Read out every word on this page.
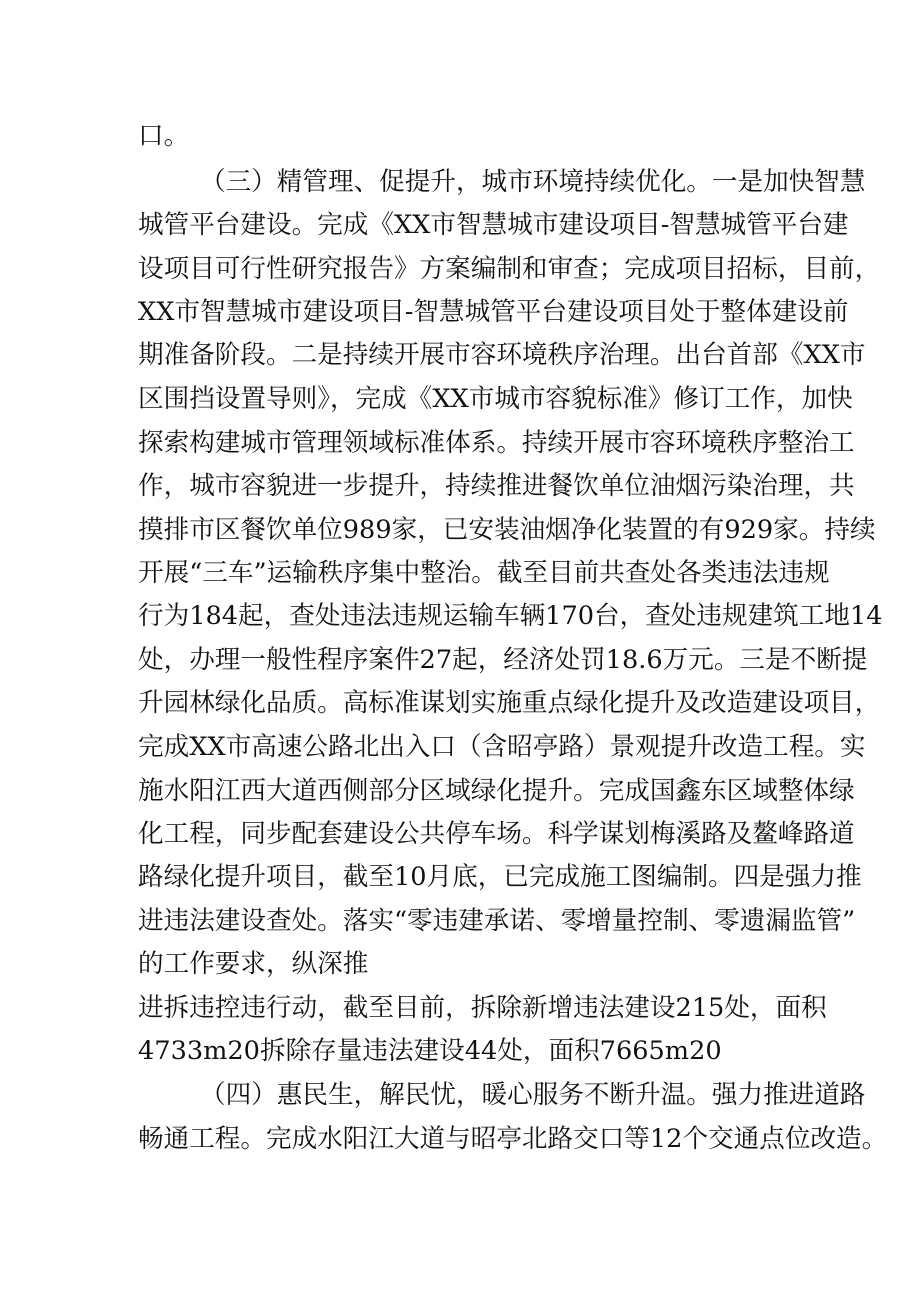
口。
（三）精管理、促提升，城市环境持续优化。一是加快智慧
城管平台建设。完成《XX市智慧城市建设项目-智慧城管平台建
设项目可行性研究报告》方案编制和审查；完成项目招标，目前，
XX市智慧城市建设项目-智慧城管平台建设项目处于整体建设前
期准备阶段。二是持续开展市容环境秩序治理。出台首部《XX市
区围挡设置导则》，完成《XX市城市容貌标准》修订工作，加快
探索构建城市管理领域标准体系。持续开展市容环境秩序整治工
作，城市容貌进一步提升，持续推进餐饮单位油烟污染治理，共
摸排市区餐饮单位989家，已安装油烟净化装置的有929家。持续
开展“三车”运输秩序集中整治。截至目前共查处各类违法违规
行为184起，查处违法违规运输车辆170台，查处违规建筑工地14
处，办理一般性程序案件27起，经济处罚18.6万元。三是不断提
升园林绿化品质。高标准谋划实施重点绿化提升及改造建设项目，
完成XX市高速公路北出入口（含昭亭路）景观提升改造工程。实
施水阳江西大道西侧部分区域绿化提升。完成国鑫东区域整体绿
化工程，同步配套建设公共停车场。科学谋划梅溪路及鳌峰路道
路绿化提升项目，截至10月底，已完成施工图编制。四是强力推
进违法建设查处。落实“零违建承诺、零增量控制、零遗漏监管”
的工作要求，纵深推
进拆违控违行动，截至目前，拆除新增违法建设215处，面积
4733m20拆除存量违法建设44处，面积7665m20
（四）惠民生，解民忧，暖心服务不断升温。强力推进道路
畅通工程。完成水阳江大道与昭亭北路交口等12个交通点位改造。
